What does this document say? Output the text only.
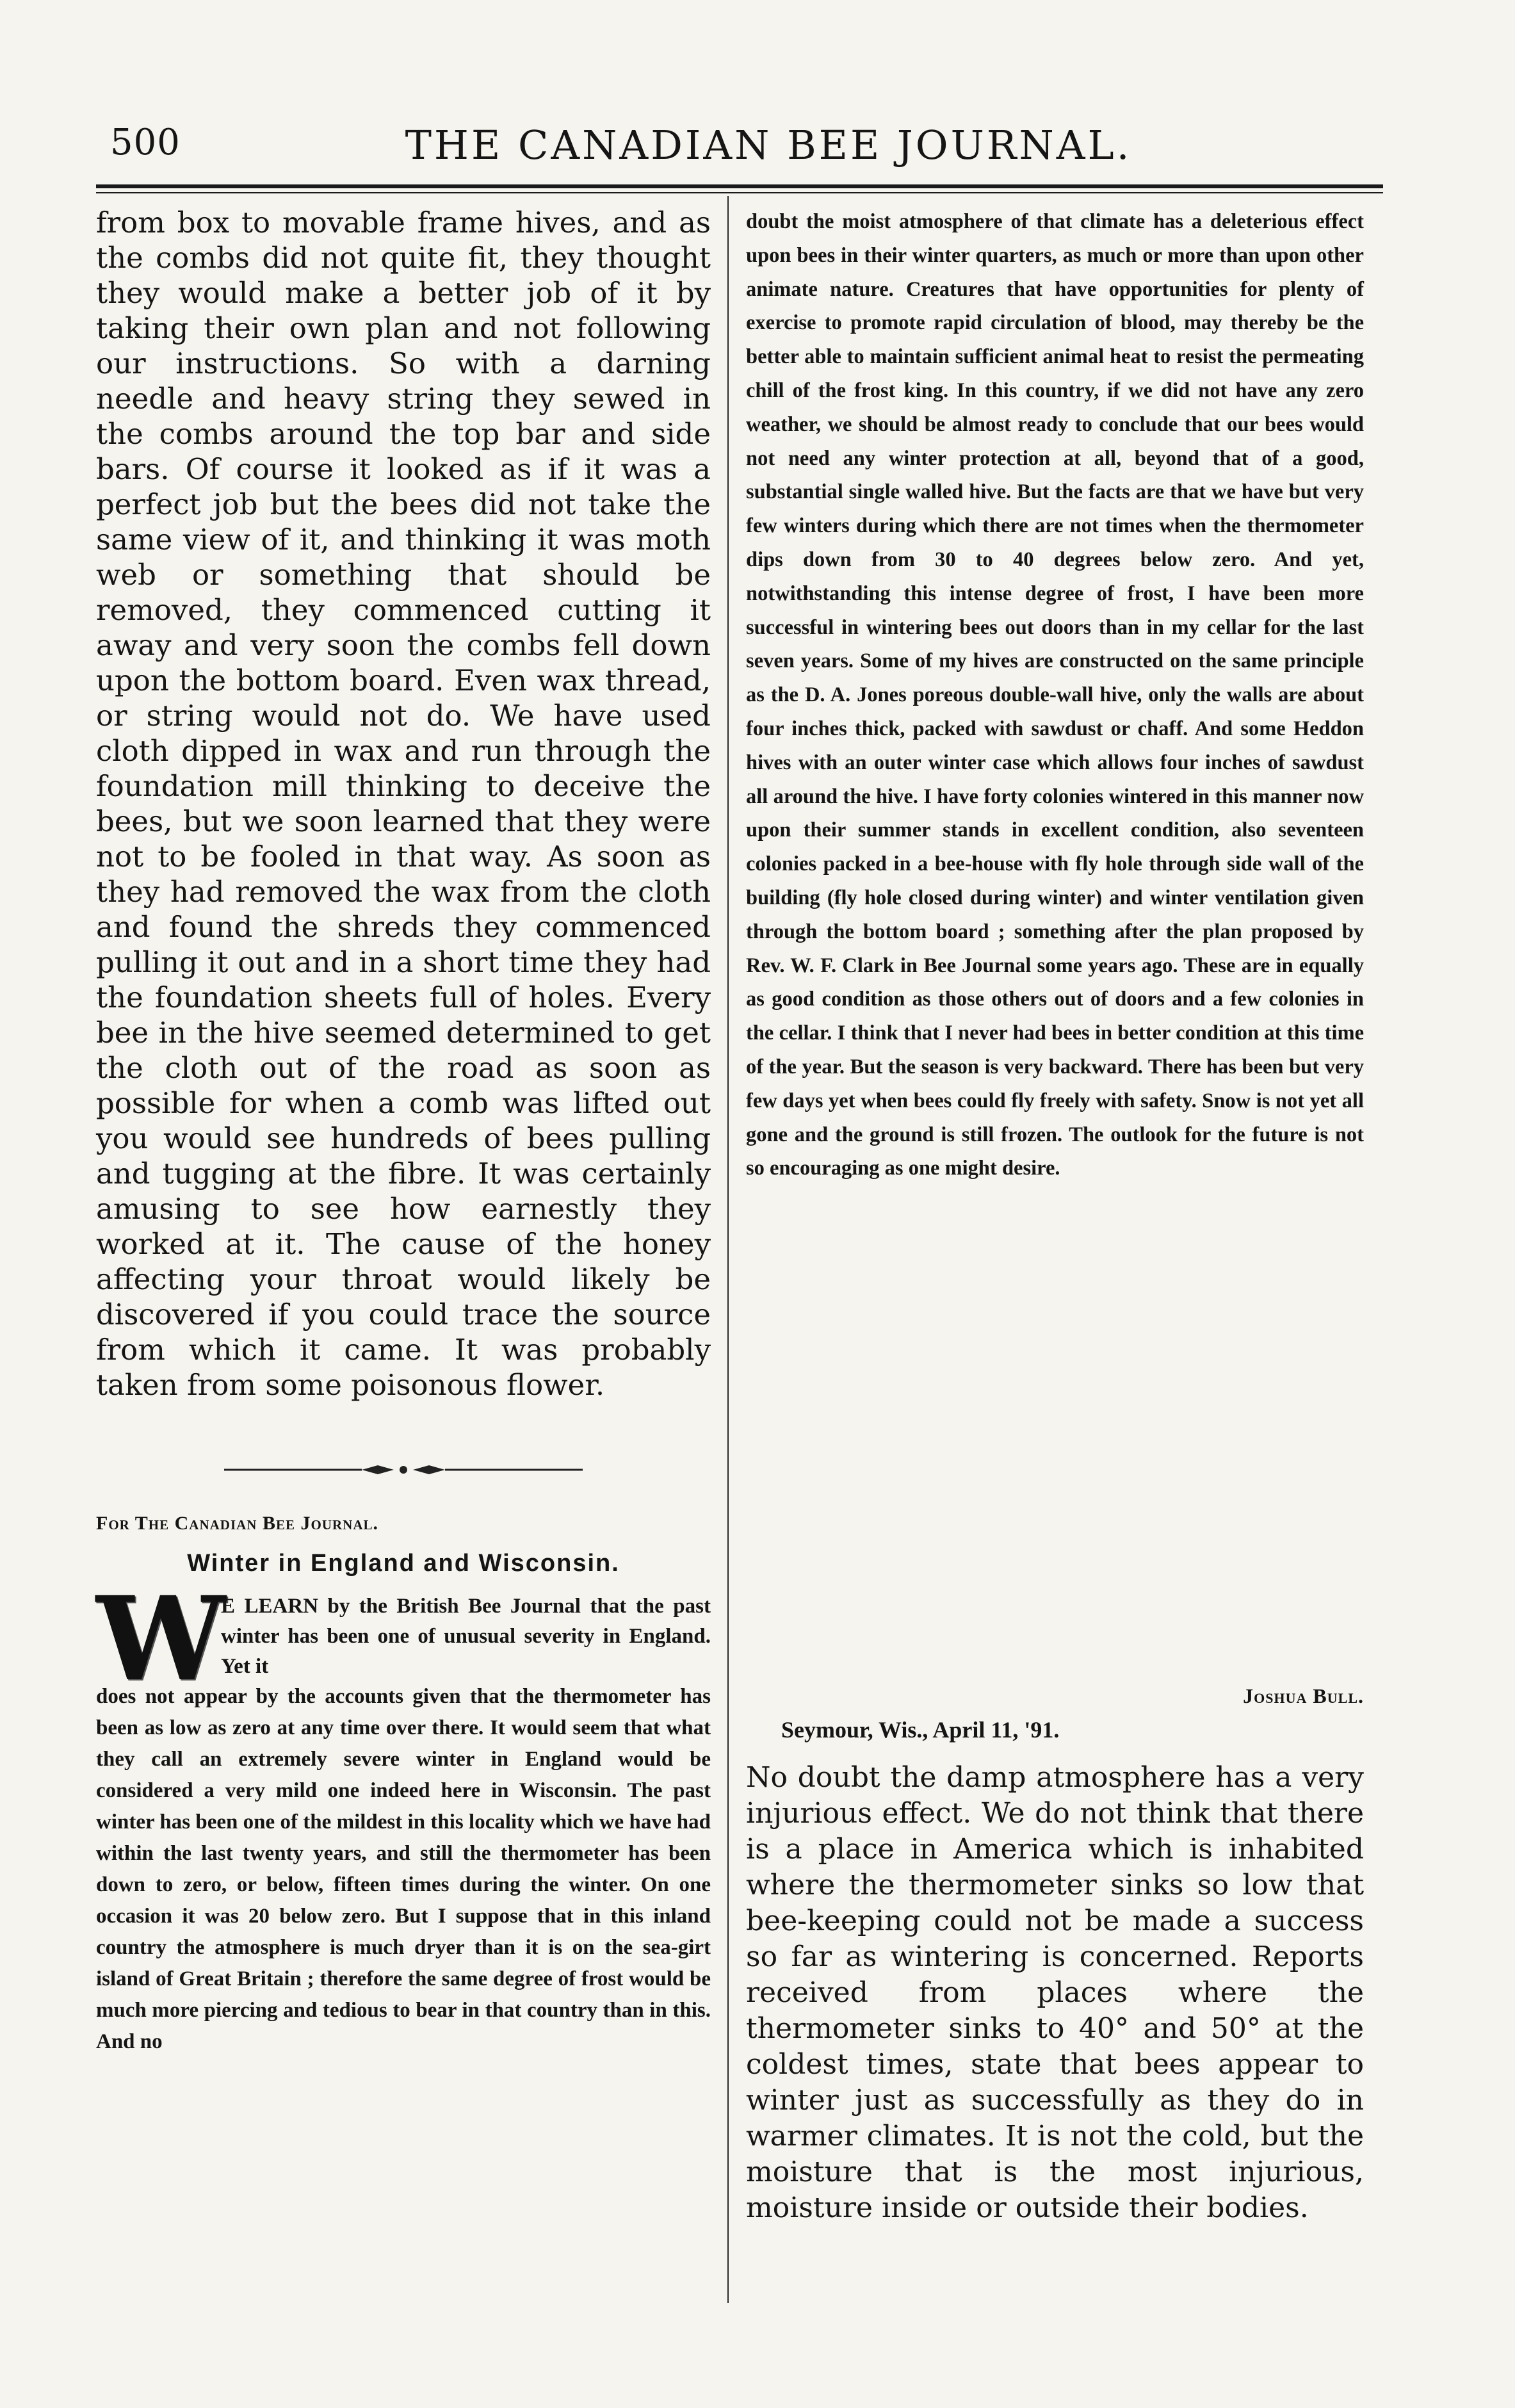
500	THE CANADIAN BEE JOURNAL.

from box to movable frame hives, and as the combs did not quite fit, they thought they would make a better job of it by taking their own plan and not following our instructions. So with a darning needle and heavy string they sewed in the combs around the top bar and side bars. Of course it looked as if it was a perfect job but the bees did not take the same view of it, and thinking it was moth web or something that should be removed, they commenced cutting it away and very soon the combs fell down upon the bottom board. Even wax thread, or string would not do. We have used cloth dipped in wax and run through the foundation mill thinking to deceive the bees, but we soon learned that they were not to be fooled in that way. As soon as they had removed the wax from the cloth and found the shreds they commenced pulling it out and in a short time they had the foundation sheets full of holes. Every bee in the hive seemed determined to get the cloth out of the road as soon as possible for when a comb was lifted out you would see hundreds of bees pulling and tugging at the fibre. It was certainly amusing to see how earnestly they worked at it. The cause of the honey affecting your throat would likely be discovered if you could trace the source from which it came. It was probably taken from some poisonous flower.

For The Canadian Bee Journal.
Winter in England and Wisconsin.
W

E LEARN by the British Bee Journal that the past winter has been one of unusual severity in England. Yet it

does not appear by the accounts given that the thermometer has been as low as zero at any time over there. It would seem that what they call an extremely severe winter in England would be considered a very mild one indeed here in Wisconsin. The past winter has been one of the mildest in this locality which we have had within the last twenty years, and still the thermometer has been down to zero, or below, fifteen times during the winter. On one occasion it was 20 below zero. But I suppose that in this inland country the atmosphere is much dryer than it is on the sea-girt island of Great Britain ; therefore the same degree of frost would be much more piercing and tedious to bear in that country than in this. And no

doubt the moist atmosphere of that climate has a deleterious effect upon bees in their winter quarters, as much or more than upon other animate nature. Creatures that have opportunities for plenty of exercise to promote rapid circulation of blood, may thereby be the better able to maintain sufficient animal heat to resist the permeating chill of the frost king. In this country, if we did not have any zero weather, we should be almost ready to conclude that our bees would not need any winter protection at all, beyond that of a good, substantial single walled hive. But the facts are that we have but very few winters during which there are not times when the thermometer dips down from 30 to 40 degrees below zero. And yet, notwithstanding this intense degree of frost, I have been more successful in wintering bees out doors than in my cellar for the last seven years. Some of my hives are constructed on the same principle as the D. A. Jones poreous double-wall hive, only the walls are about four inches thick, packed with sawdust or chaff. And some Heddon hives with an outer winter case which allows four inches of sawdust all around the hive. I have forty colonies wintered in this manner now upon their summer stands in excellent condition, also seventeen colonies packed in a bee-house with fly hole through side wall of the building (fly hole closed during winter) and winter ventilation given through the bottom board ; something after the plan proposed by Rev. W. F. Clark in Bee Journal some years ago. These are in equally as good condition as those others out of doors and a few colonies in the cellar. I think that I never had bees in better condition at this time of the year. But the season is very backward. There has been but very few days yet when bees could fly freely with safety. Snow is not yet all gone and the ground is still frozen. The outlook for the future is not so encouraging as one might desire.

Joshua Bull.
Seymour, Wis., April 11, '91.

No doubt the damp atmosphere has a very injurious effect. We do not think that there is a place in America which is inhabited where the thermometer sinks so low that bee-keeping could not be made a success so far as wintering is concerned. Reports received from places where the thermometer sinks to 40° and 50° at the coldest times, state that bees appear to winter just as successfully as they do in warmer climates. It is not the cold, but the moisture that is the most injurious, moisture inside or outside their bodies.
